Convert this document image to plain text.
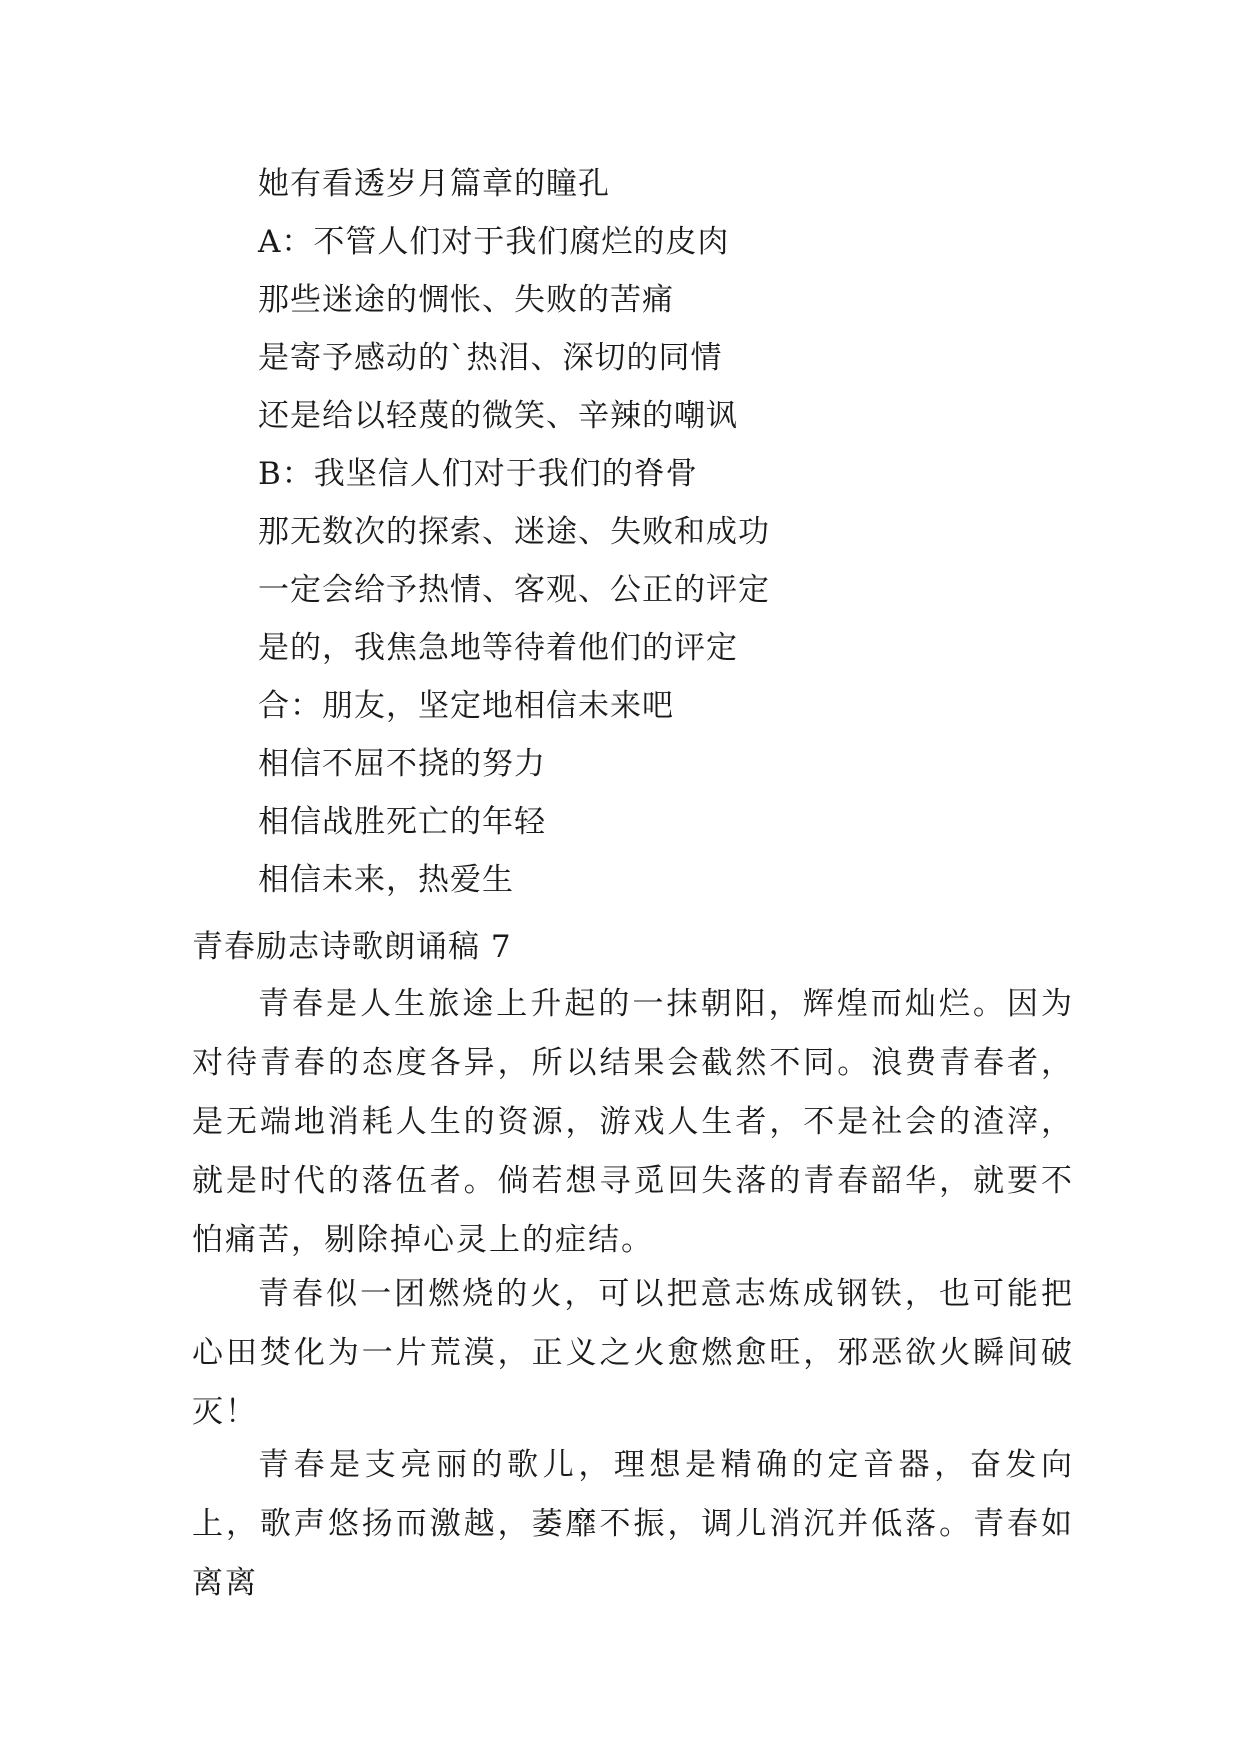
她有看透岁月篇章的瞳孔
A：不管人们对于我们腐烂的皮肉
那些迷途的惆怅、失败的苦痛
是寄予感动的`热泪、深切的同情
还是给以轻蔑的微笑、辛辣的嘲讽
B：我坚信人们对于我们的脊骨
那无数次的探索、迷途、失败和成功
一定会给予热情、客观、公正的评定
是的，我焦急地等待着他们的评定
合：朋友，坚定地相信未来吧
相信不屈不挠的努力
相信战胜死亡的年轻
相信未来，热爱生
青春励志诗歌朗诵稿 7

青春是人生旅途上升起的一抹朝阳，辉煌而灿烂。因为对待青春的态度各异，所以结果会截然不同。浪费青春者，是无端地消耗人生的资源，游戏人生者，不是社会的渣滓，就是时代的落伍者。倘若想寻觅回失落的青春韶华，就要不怕痛苦，剔除掉心灵上的症结。

青春似一团燃烧的火，可以把意志炼成钢铁，也可能把心田焚化为一片荒漠，正义之火愈燃愈旺，邪恶欲火瞬间破灭！

青春是支亮丽的歌儿，理想是精确的定音器，奋发向上，歌声悠扬而激越，萎靡不振，调儿消沉并低落。青春如离离
